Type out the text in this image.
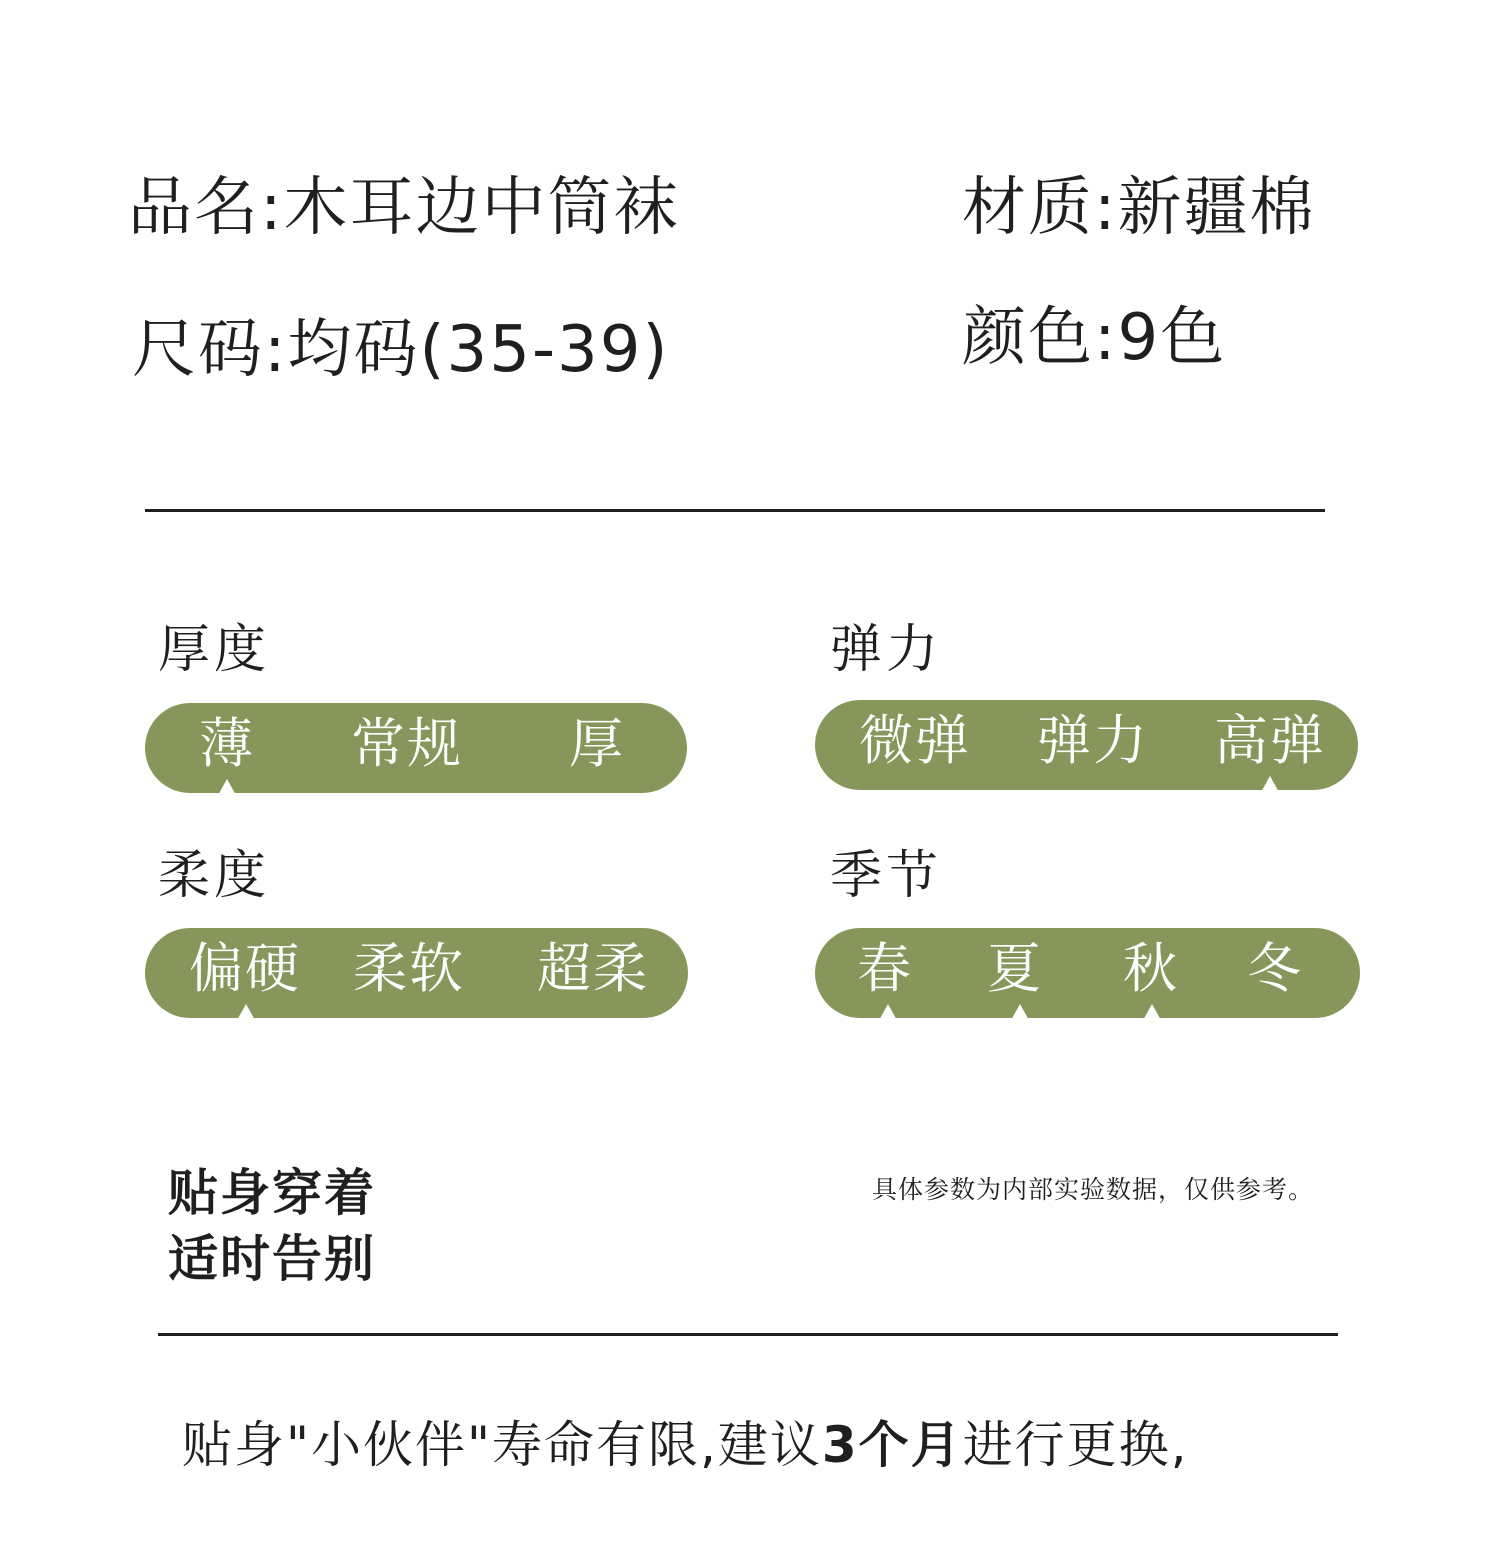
品名:木耳边中筒袜	材质:新疆棉
尺码:均码(35-39)	颜色:9色
厚度
薄	常规	厚
弹力
微弹	弹力	高弹
柔度
偏硬 柔软	超柔
季节
春	夏	秋	冬
贴身穿着
适时告别
具体参数为内部实验数据，仅供参考。
贴身"小伙伴"寿命有限,建议3个月进行更换,
